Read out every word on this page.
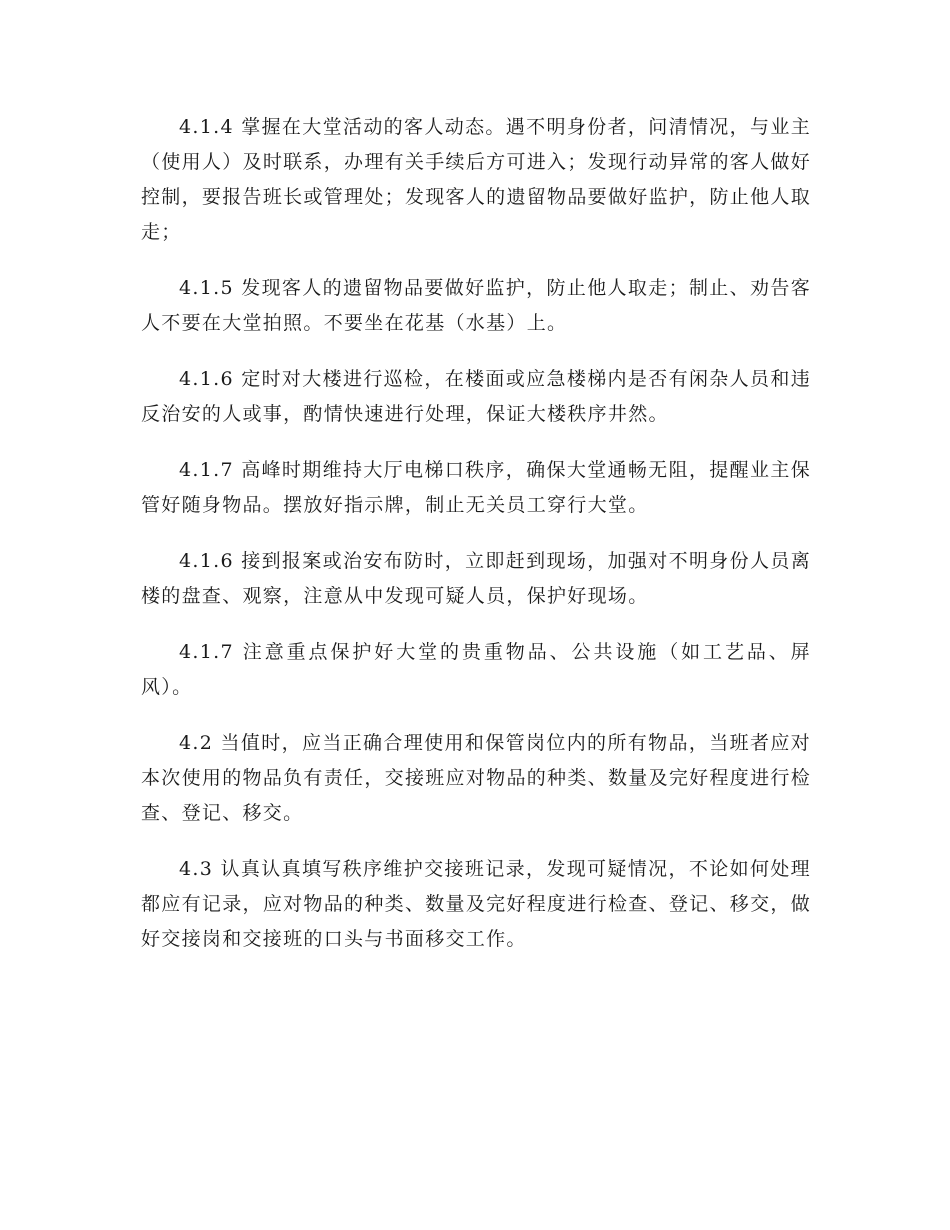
4.1.4 掌握在大堂活动的客人动态。遇不明身份者，问清情况，与业主（使用人）及时联系，办理有关手续后方可进入；发现行动异常的客人做好控制，要报告班长或管理处；发现客人的遗留物品要做好监护，防止他人取走；

4.1.5 发现客人的遗留物品要做好监护，防止他人取走；制止、劝告客人不要在大堂拍照。不要坐在花基（水基）上。

4.1.6 定时对大楼进行巡检，在楼面或应急楼梯内是否有闲杂人员和违反治安的人或事，酌情快速进行处理，保证大楼秩序井然。

4.1.7 高峰时期维持大厅电梯口秩序，确保大堂通畅无阻，提醒业主保管好随身物品。摆放好指示牌，制止无关员工穿行大堂。

4.1.6 接到报案或治安布防时，立即赶到现场，加强对不明身份人员离楼的盘查、观察，注意从中发现可疑人员，保护好现场。

4.1.7 注意重点保护好大堂的贵重物品、公共设施（如工艺品、屏风）。

4.2 当值时，应当正确合理使用和保管岗位内的所有物品，当班者应对本次使用的物品负有责任，交接班应对物品的种类、数量及完好程度进行检查、登记、移交。

4.3 认真认真填写秩序维护交接班记录，发现可疑情况，不论如何处理都应有记录，应对物品的种类、数量及完好程度进行检查、登记、移交，做好交接岗和交接班的口头与书面移交工作。
